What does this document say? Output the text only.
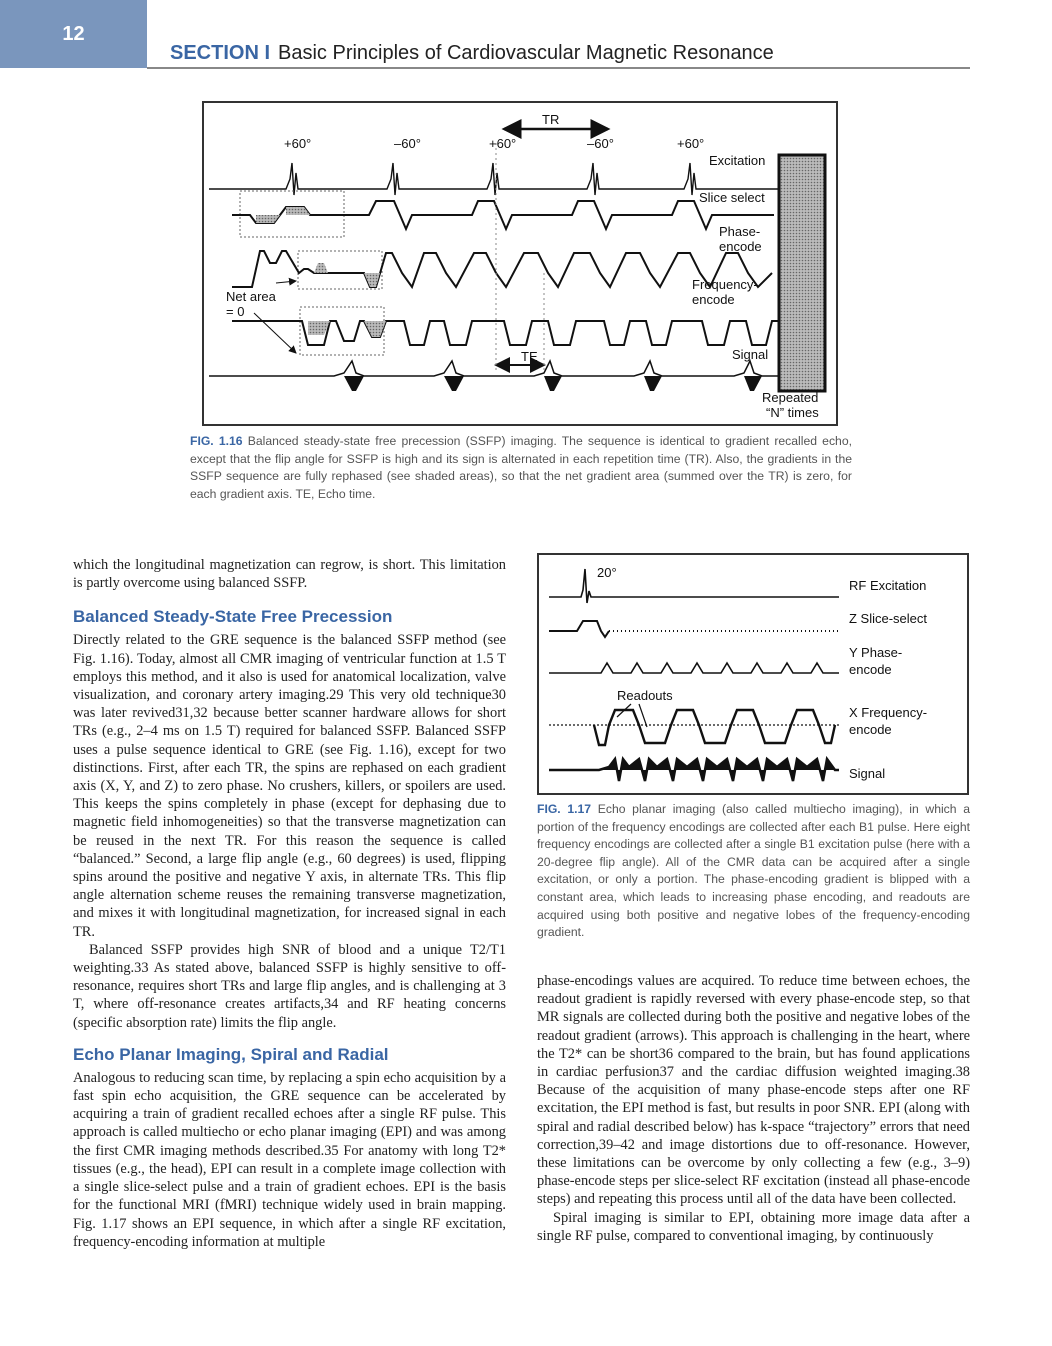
12
SECTION I Basic Principles of Cardiovascular Magnetic Resonance
TR
+60°	–60°	+60°	–60°	+60°
Excitation
Slice select
Phase-
encode
Net area
= 0
Frequency-
encode
TE	Signal
Repeated
“N” times
FIG. 1.16 Balanced steady-state free precession (SSFP) imaging. The sequence is identical to gradient recalled echo, except that the flip angle for SSFP is high and its sign is alternated in each repetition time (TR). Also, the gradients in the SSFP sequence are fully rephased (see shaded areas), so that the net gradient area (summed over the TR) is zero, for each gradient axis. TE, Echo time.
20°
RF Excitation
Z Slice-select
Y Phase-
encode
Readouts
X Frequency-
encode
Signal
FIG. 1.17 Echo planar imaging (also called multiecho imaging), in which a portion of the frequency encodings are collected after each B1 pulse. Here eight frequency encodings are collected after a single B1 excitation pulse (here with a 20-degree flip angle). All of the CMR data can be acquired after a single excitation, or only a portion. The phase-encoding gradient is blipped with a constant area, which leads to increasing phase encoding, and readouts are acquired using both positive and negative lobes of the frequency-encoding gradient.

which the longitudinal magnetization can regrow, is short. This limitation is partly overcome using balanced SSFP.

Balanced Steady-State Free Precession

Directly related to the GRE sequence is the balanced SSFP method (see Fig. 1.16). Today, almost all CMR imaging of ventricular function at 1.5 T employs this method, and it also is used for anatomical localization, valve visualization, and coronary artery imaging.29 This very old technique30 was later revived31,32 because better scanner hardware allows for short TRs (e.g., 2–4 ms on 1.5 T) required for balanced SSFP. Balanced SSFP uses a pulse sequence identical to GRE (see Fig. 1.16), except for two distinctions. First, after each TR, the spins are rephased on each gradient axis (X, Y, and Z) to zero phase. No crushers, killers, or spoilers are used. This keeps the spins completely in phase (except for dephasing due to magnetic field inhomogeneities) so that the transverse magnetization can be reused in the next TR. For this reason the sequence is called “balanced.” Second, a large flip angle (e.g., 60 degrees) is used, flipping spins around the positive and negative Y axis, in alternate TRs. This flip angle alternation scheme reuses the remaining transverse magnetization, and mixes it with longitudinal magnetization, for increased signal in each TR.

Balanced SSFP provides high SNR of blood and a unique T2/T1 weighting.33 As stated above, balanced SSFP is highly sensitive to off-resonance, requires short TRs and large flip angles, and is challenging at 3 T, where off-resonance creates artifacts,34 and RF heating concerns (specific absorption rate) limits the flip angle.

Echo Planar Imaging, Spiral and Radial

Analogous to reducing scan time, by replacing a spin echo acquisition by a fast spin echo acquisition, the GRE sequence can be accelerated by acquiring a train of gradient recalled echoes after a single RF pulse. This approach is called multiecho or echo planar imaging (EPI) and was among the first CMR imaging methods described.35 For anatomy with long T2* tissues (e.g., the head), EPI can result in a complete image collection with a single slice-select pulse and a train of gradient echoes. EPI is the basis for the functional MRI (fMRI) technique widely used in brain mapping. Fig. 1.17 shows an EPI sequence, in which after a single RF excitation, frequency-encoding information at multiple

phase-encodings values are acquired. To reduce time between echoes, the readout gradient is rapidly reversed with every phase-encode step, so that MR signals are collected during both the positive and negative lobes of the readout gradient (arrows). This approach is challenging in the heart, where the T2* can be short36 compared to the brain, but has found applications in cardiac perfusion37 and the cardiac diffusion weighted imaging.38 Because of the acquisition of many phase-encode steps after one RF excitation, the EPI method is fast, but results in poor SNR. EPI (along with spiral and radial described below) has k-space “trajectory” errors that need correction,39–42 and image distortions due to off-resonance. However, these limitations can be overcome by only collecting a few (e.g., 3–9) phase-encode steps per slice-select RF excitation (instead all phase-encode steps) and repeating this process until all of the data have been collected.

Spiral imaging is similar to EPI, obtaining more image data after a single RF pulse, compared to conventional imaging, by continuously
